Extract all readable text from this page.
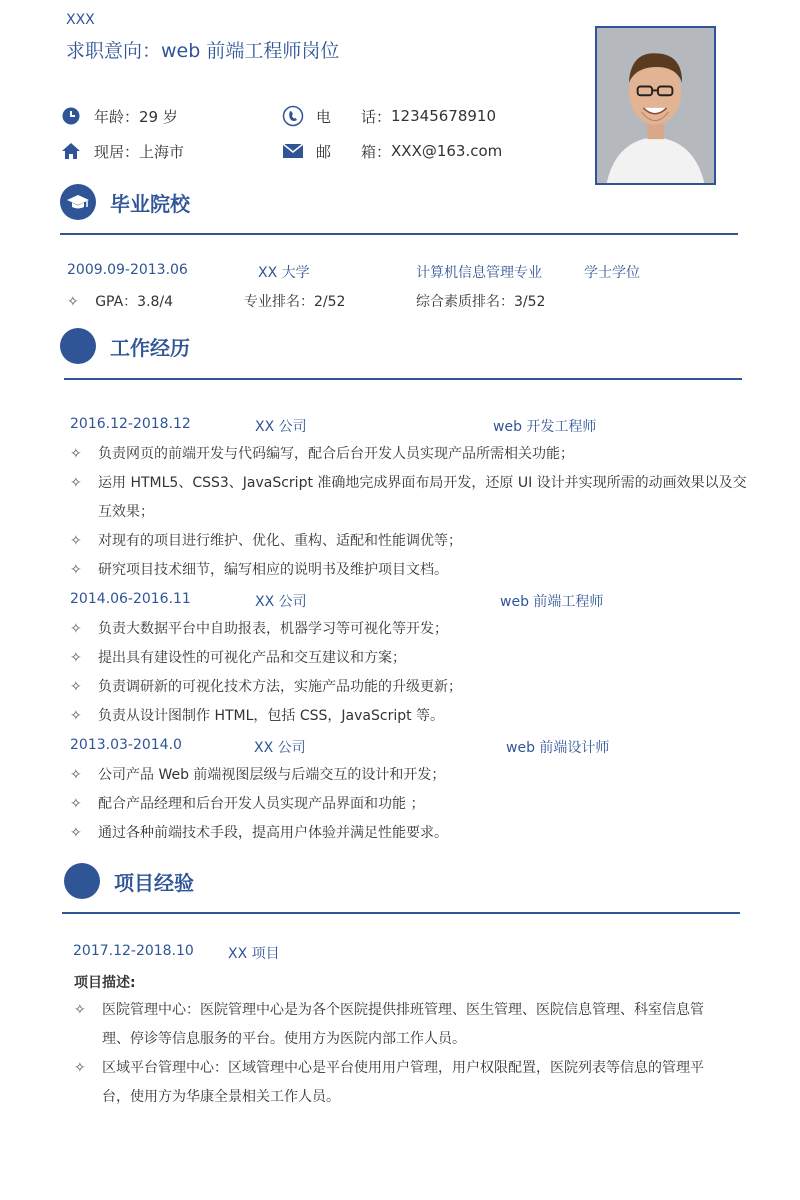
XXX
求职意向：web 前端工程师岗位
年龄： 29 岁
现居： 上海市
电　　话： 12345678910
邮　　箱： XXX@163.com
毕业院校
2009.09-2013.06	XX 大学	计算机信息管理专业	学士学位
✧ GPA：3.8/4	专业排名：2/52	综合素质排名：3/52
工作经历
2016.12-2018.12	XX 公司	web 开发工程师
✧	负责网页的前端开发与代码编写，配合后台开发人员实现产品所需相关功能；
✧	运用 HTML5、CSS3、JavaScript 准确地完成界面布局开发，还原 UI 设计并实现所需的动画效果以及交互效果；
✧	对现有的项目进行维护、优化、重构、适配和性能调优等；
✧	研究项目技术细节，编写相应的说明书及维护项目文档。
2014.06-2016.11	XX 公司	web 前端工程师
✧	负责大数据平台中自助报表，机器学习等可视化等开发；
✧	提出具有建设性的可视化产品和交互建议和方案；
✧	负责调研新的可视化技术方法，实施产品功能的升级更新；
✧	负责从设计图制作 HTML，包括 CSS，JavaScript 等。
2013.03-2014.0	XX 公司	web 前端设计师
✧	公司产品 Web 前端视图层级与后端交互的设计和开发；
✧	配合产品经理和后台开发人员实现产品界面和功能 ；
✧	通过各种前端技术手段，提高用户体验并满足性能要求。
项目经验
2017.12-2018.10 XX 项目
项目描述:
✧	医院管理中心：医院管理中心是为各个医院提供排班管理、医生管理、医院信息管理、科室信息管理、停诊等信息服务的平台。使用方为医院内部工作人员。
✧	区域平台管理中心：区域管理中心是平台使用用户管理，用户权限配置，医院列表等信息的管理平台，使用方为华康全景相关工作人员。
